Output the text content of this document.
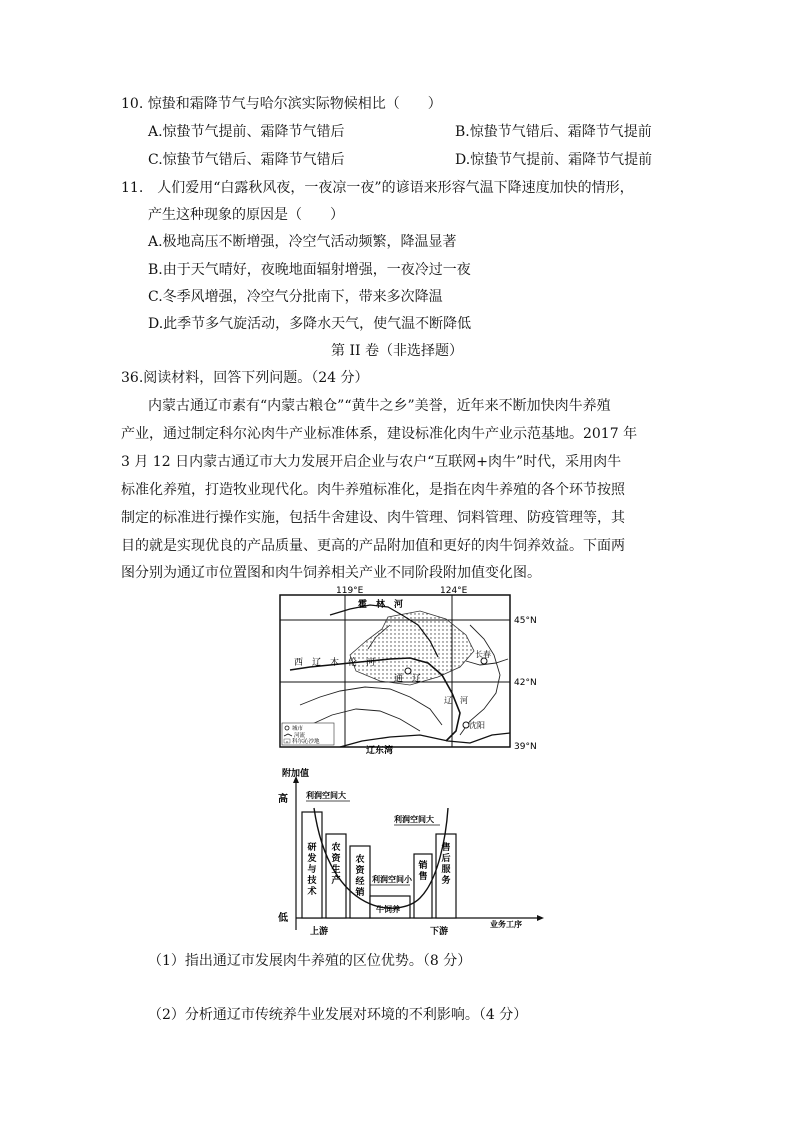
10. 惊蛰和霜降节气与哈尔滨实际物候相比（　　）
A.惊蛰节气提前、霜降节气错后	B.惊蛰节气错后、霜降节气提前
C.惊蛰节气错后、霜降节气错后	D.惊蛰节气提前、霜降节气提前
11.　人们爱用“白露秋风夜，一夜凉一夜”的谚语来形容气温下降速度加快的情形，
产生这种现象的原因是（　　）
A.极地高压不断增强，冷空气活动频繁，降温显著
B.由于天气晴好，夜晚地面辐射增强，一夜冷过一夜
C.冬季风增强，冷空气分批南下，带来多次降温
D.此季节多气旋活动，多降水天气，使气温不断降低
第 II 卷（非选择题）
36.阅读材料，回答下列问题。（24 分）
内蒙古通辽市素有“内蒙古粮仓”“黄牛之乡”美誉，近年来不断加快肉牛养殖
产业，通过制定科尔沁肉牛产业标准体系，建设标准化肉牛产业示范基地。2017 年
3 月 12 日内蒙古通辽市大力发展开启企业与农户“互联网+肉牛”时代，采用肉牛
标准化养殖，打造牧业现代化。肉牛养殖标准化，是指在肉牛养殖的各个环节按照
制定的标准进行操作实施，包括牛舍建设、肉牛管理、饲料管理、防疫管理等，其
目的就是实现优良的产品质量、更高的产品附加值和更好的肉牛饲养效益。下面两
图分别为通辽市位置图和肉牛饲养相关产业不同阶段附加值变化图。
119°E	124°E
45°N
42°N
39°N
霍　林　河
西　辽　木　伦　河
通　辽
长春
沈阳
辽　河
辽东湾
城市
河流
科尔沁沙地
附加值
高
低
业务工序
上游	下游
利润空间大
利润空间大
利润空间小
研发与技术
农资生产
农资经销
牛饲养
销售
售后服务
（1）指出通辽市发展肉牛养殖的区位优势。（8 分）
（2）分析通辽市传统养牛业发展对环境的不利影响。（4 分）
